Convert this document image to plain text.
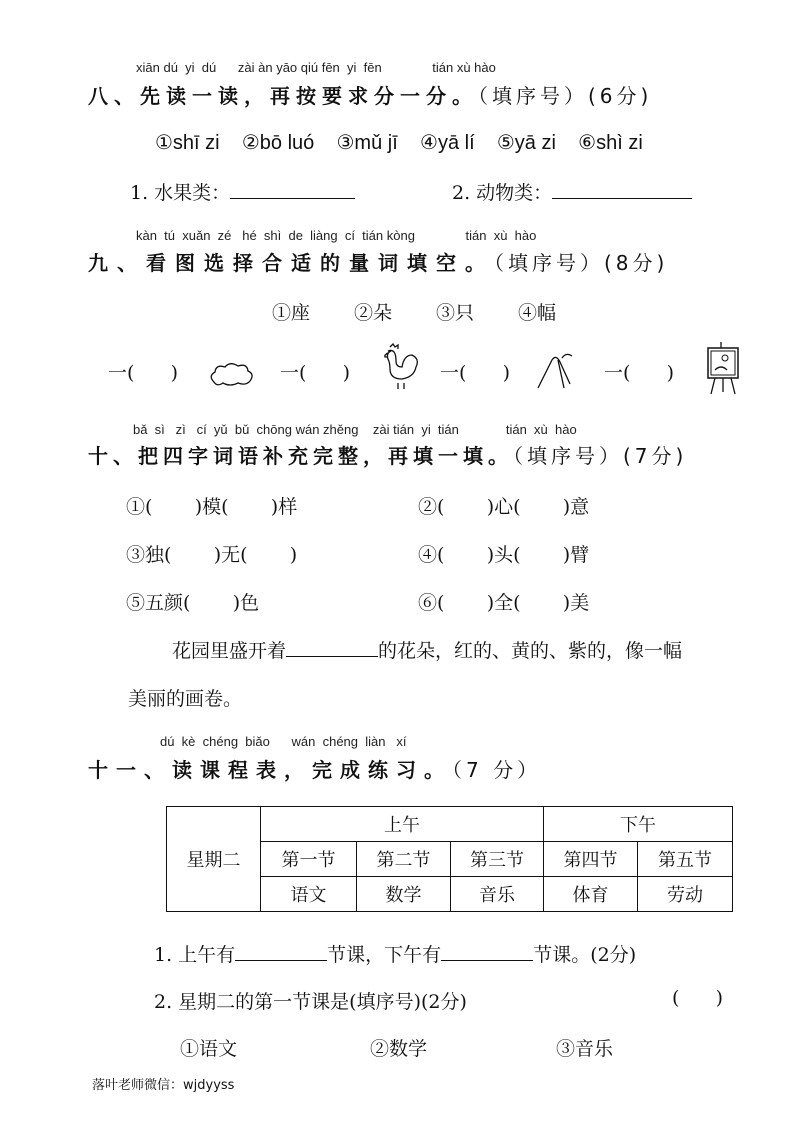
xiān dú  yi  dú      zài àn yāo qiú fēn  yi  fēn              tián xù hào
八、先读一读，再按要求分一分。（填序号）(6分)
①shī zi ②bō luó ③mǔ jī ④yā lí ⑤yā zi ⑥shì zi
1. 水果类：	2. 动物类：
kàn  tú  xuǎn  zé   hé  shì  de  liàng  cí  tián kòng              tián  xù  hào
九、看图选择合适的量词填空。（填序号）(8分)
①座 ②朵 ③只 ④幅
一(      )	一(      )	一(      )	一(      )
bǎ  sì   zì   cí  yǔ  bǔ  chōng wán zhěng    zài tián  yi  tián             tián  xù  hào
十、把四字词语补充完整，再填一填。（填序号）(7分)
①(       )模(       )样	②(       )心(       )意
③独(       )无(       )	④(       )头(       )臂
⑤五颜(       )色	⑥(       )全(       )美
花园里盛开着	的花朵，红的、黄的、紫的，像一幅
美丽的画卷。
dú  kè  chéng  biǎo      wán  chéng  liàn   xí
十一、读课程表，完成练习。（7 分）
星期二	上午			下午	
	第一节	第二节	第三节	第四节	第五节
	语文	数学	音乐	体育	劳动
1. 上午有	节课，下午有	节课。(2分)
2. 星期二的第一节课是(填序号)(2分)	(      )
①语文	②数学	③音乐
落叶老师微信：wjdyyss
